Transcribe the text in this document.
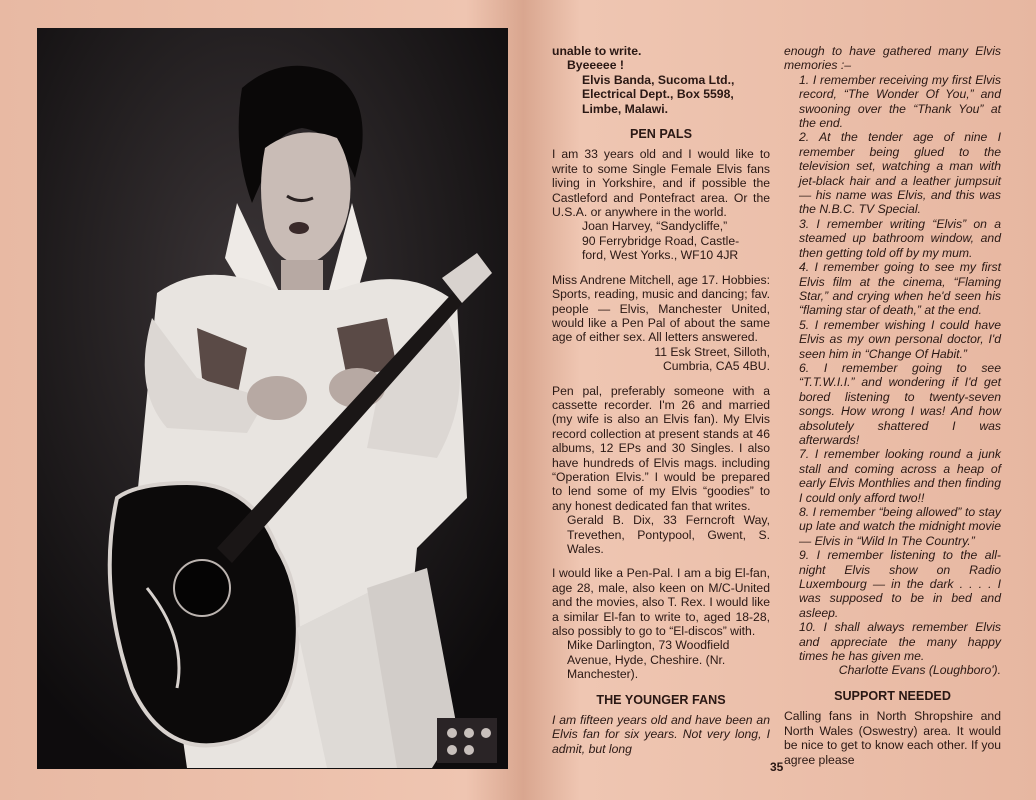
unable to write.

Byeeeee !

Elvis Banda, Sucoma Ltd.,

Electrical Dept., Box 5598,

Limbe, Malawi.

PEN PALS

I am 33 years old and I would like to write to some Single Female Elvis fans living in Yorkshire, and if possible the Castleford and Pontefract area. Or the U.S.A. or anywhere in the world.

Joan Harvey, “Sandycliffe,”

90 Ferrybridge Road, Castle-

ford, West Yorks., WF10 4JR

Miss Andrene Mitchell, age 17. Hobbies: Sports, reading, music and dancing; fav. people — Elvis, Manchester United, would like a Pen Pal of about the same age of either sex. All letters answered.

11 Esk Street, Silloth,

Cumbria, CA5 4BU.

Pen pal, preferably someone with a cassette recorder. I'm 26 and married (my wife is also an Elvis fan). My Elvis record collection at present stands at 46 albums, 12 EPs and 30 Singles. I also have hundreds of Elvis mags. including “Operation Elvis.” I would be prepared to lend some of my Elvis “goodies” to any honest dedicated fan that writes.

Gerald B. Dix, 33 Ferncroft Way, Trevethen, Pontypool, Gwent, S. Wales.

I would like a Pen-Pal. I am a big El-fan, age 28, male, also keen on M/C-United and the movies, also T. Rex. I would like a similar El-fan to write to, aged 18-28, also possibly to go to “El-discos” with.

Mike Darlington, 73 Woodfield Avenue, Hyde, Cheshire. (Nr. Manchester).

THE YOUNGER FANS

I am fifteen years old and have been an Elvis fan for six years. Not very long, I admit, but long

enough to have gathered many Elvis memories :–

1. I remember receiving my first Elvis record, “The Wonder Of You,” and swooning over the “Thank You” at the end.

2. At the tender age of nine I remember being glued to the television set, watching a man with jet-black hair and a leather jumpsuit — his name was Elvis, and this was the N.B.C. TV Special.

3. I remember writing “Elvis” on a steamed up bathroom window, and then getting told off by my mum.

4. I remember going to see my first Elvis film at the cinema, “Flaming Star,” and crying when he'd seen his “flaming star of death,” at the end.

5. I remember wishing I could have Elvis as my own personal doctor, I'd seen him in “Change Of Habit.”

6. I remember going to see “T.T.W.I.I.” and wondering if I'd get bored listening to twenty-seven songs. How wrong I was! And how absolutely shattered I was afterwards!

7. I remember looking round a junk stall and coming across a heap of early Elvis Monthlies and then finding I could only afford two!!

8. I remember “being allowed” to stay up late and watch the midnight movie — Elvis in “Wild In The Country.”

9. I remember listening to the all-night Elvis show on Radio Luxembourg — in the dark . . . . I was supposed to be in bed and asleep.

10. I shall always remember Elvis and appreciate the many happy times he has given me.

Charlotte Evans (Loughboro').

SUPPORT NEEDED

Calling fans in North Shropshire and North Wales (Oswestry) area. It would be nice to get to know each other. If you agree please

35
